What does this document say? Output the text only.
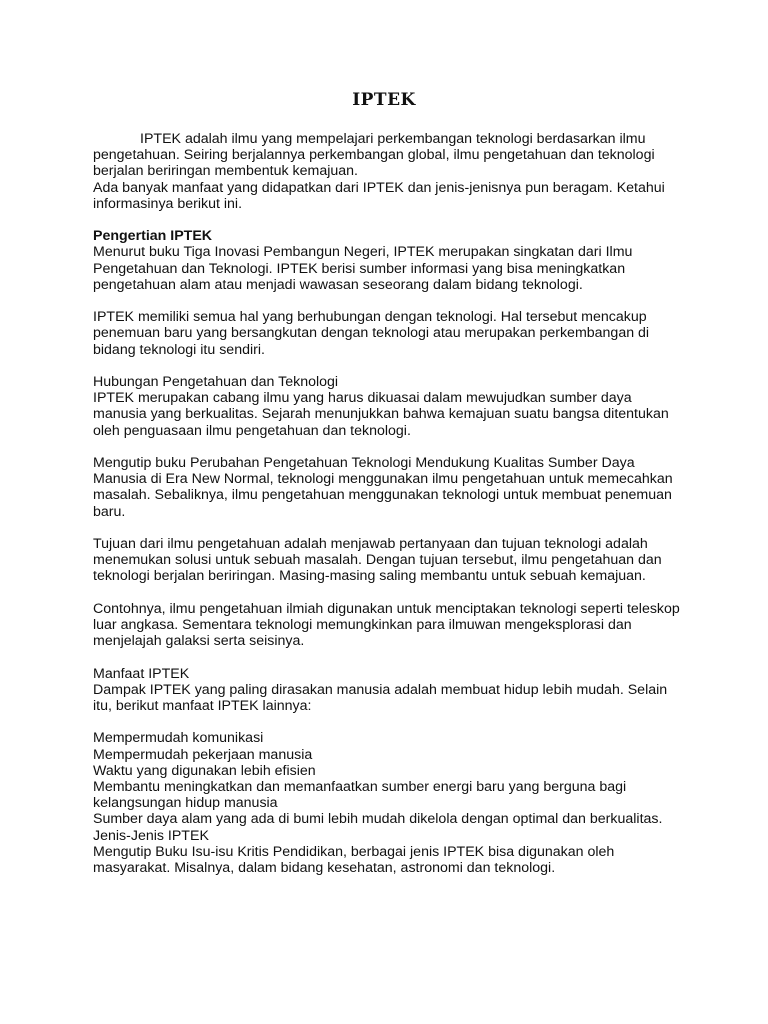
IPTEK

IPTEK adalah ilmu yang mempelajari perkembangan teknologi berdasarkan ilmu pengetahuan. Seiring berjalannya perkembangan global, ilmu pengetahuan dan teknologi berjalan beriringan membentuk kemajuan.

Ada banyak manfaat yang didapatkan dari IPTEK dan jenis-jenisnya pun beragam. Ketahui informasinya berikut ini.

Pengertian IPTEK

Menurut buku Tiga Inovasi Pembangun Negeri, IPTEK merupakan singkatan dari Ilmu Pengetahuan dan Teknologi. IPTEK berisi sumber informasi yang bisa meningkatkan pengetahuan alam atau menjadi wawasan seseorang dalam bidang teknologi.

IPTEK memiliki semua hal yang berhubungan dengan teknologi. Hal tersebut mencakup penemuan baru yang bersangkutan dengan teknologi atau merupakan perkembangan di bidang teknologi itu sendiri.

Hubungan Pengetahuan dan Teknologi

IPTEK merupakan cabang ilmu yang harus dikuasai dalam mewujudkan sumber daya manusia yang berkualitas. Sejarah menunjukkan bahwa kemajuan suatu bangsa ditentukan oleh penguasaan ilmu pengetahuan dan teknologi.

Mengutip buku Perubahan Pengetahuan Teknologi Mendukung Kualitas Sumber Daya Manusia di Era New Normal, teknologi menggunakan ilmu pengetahuan untuk memecahkan masalah. Sebaliknya, ilmu pengetahuan menggunakan teknologi untuk membuat penemuan baru.

Tujuan dari ilmu pengetahuan adalah menjawab pertanyaan dan tujuan teknologi adalah menemukan solusi untuk sebuah masalah. Dengan tujuan tersebut, ilmu pengetahuan dan teknologi berjalan beriringan. Masing-masing saling membantu untuk sebuah kemajuan.

Contohnya, ilmu pengetahuan ilmiah digunakan untuk menciptakan teknologi seperti teleskop luar angkasa. Sementara teknologi memungkinkan para ilmuwan mengeksplorasi dan menjelajah galaksi serta seisinya.

Manfaat IPTEK

Dampak IPTEK yang paling dirasakan manusia adalah membuat hidup lebih mudah. Selain itu, berikut manfaat IPTEK lainnya:

Mempermudah komunikasi

Mempermudah pekerjaan manusia

Waktu yang digunakan lebih efisien

Membantu meningkatkan dan memanfaatkan sumber energi baru yang berguna bagi kelangsungan hidup manusia

Sumber daya alam yang ada di bumi lebih mudah dikelola dengan optimal dan berkualitas.

Jenis-Jenis IPTEK

Mengutip Buku Isu-isu Kritis Pendidikan, berbagai jenis IPTEK bisa digunakan oleh masyarakat. Misalnya, dalam bidang kesehatan, astronomi dan teknologi.
